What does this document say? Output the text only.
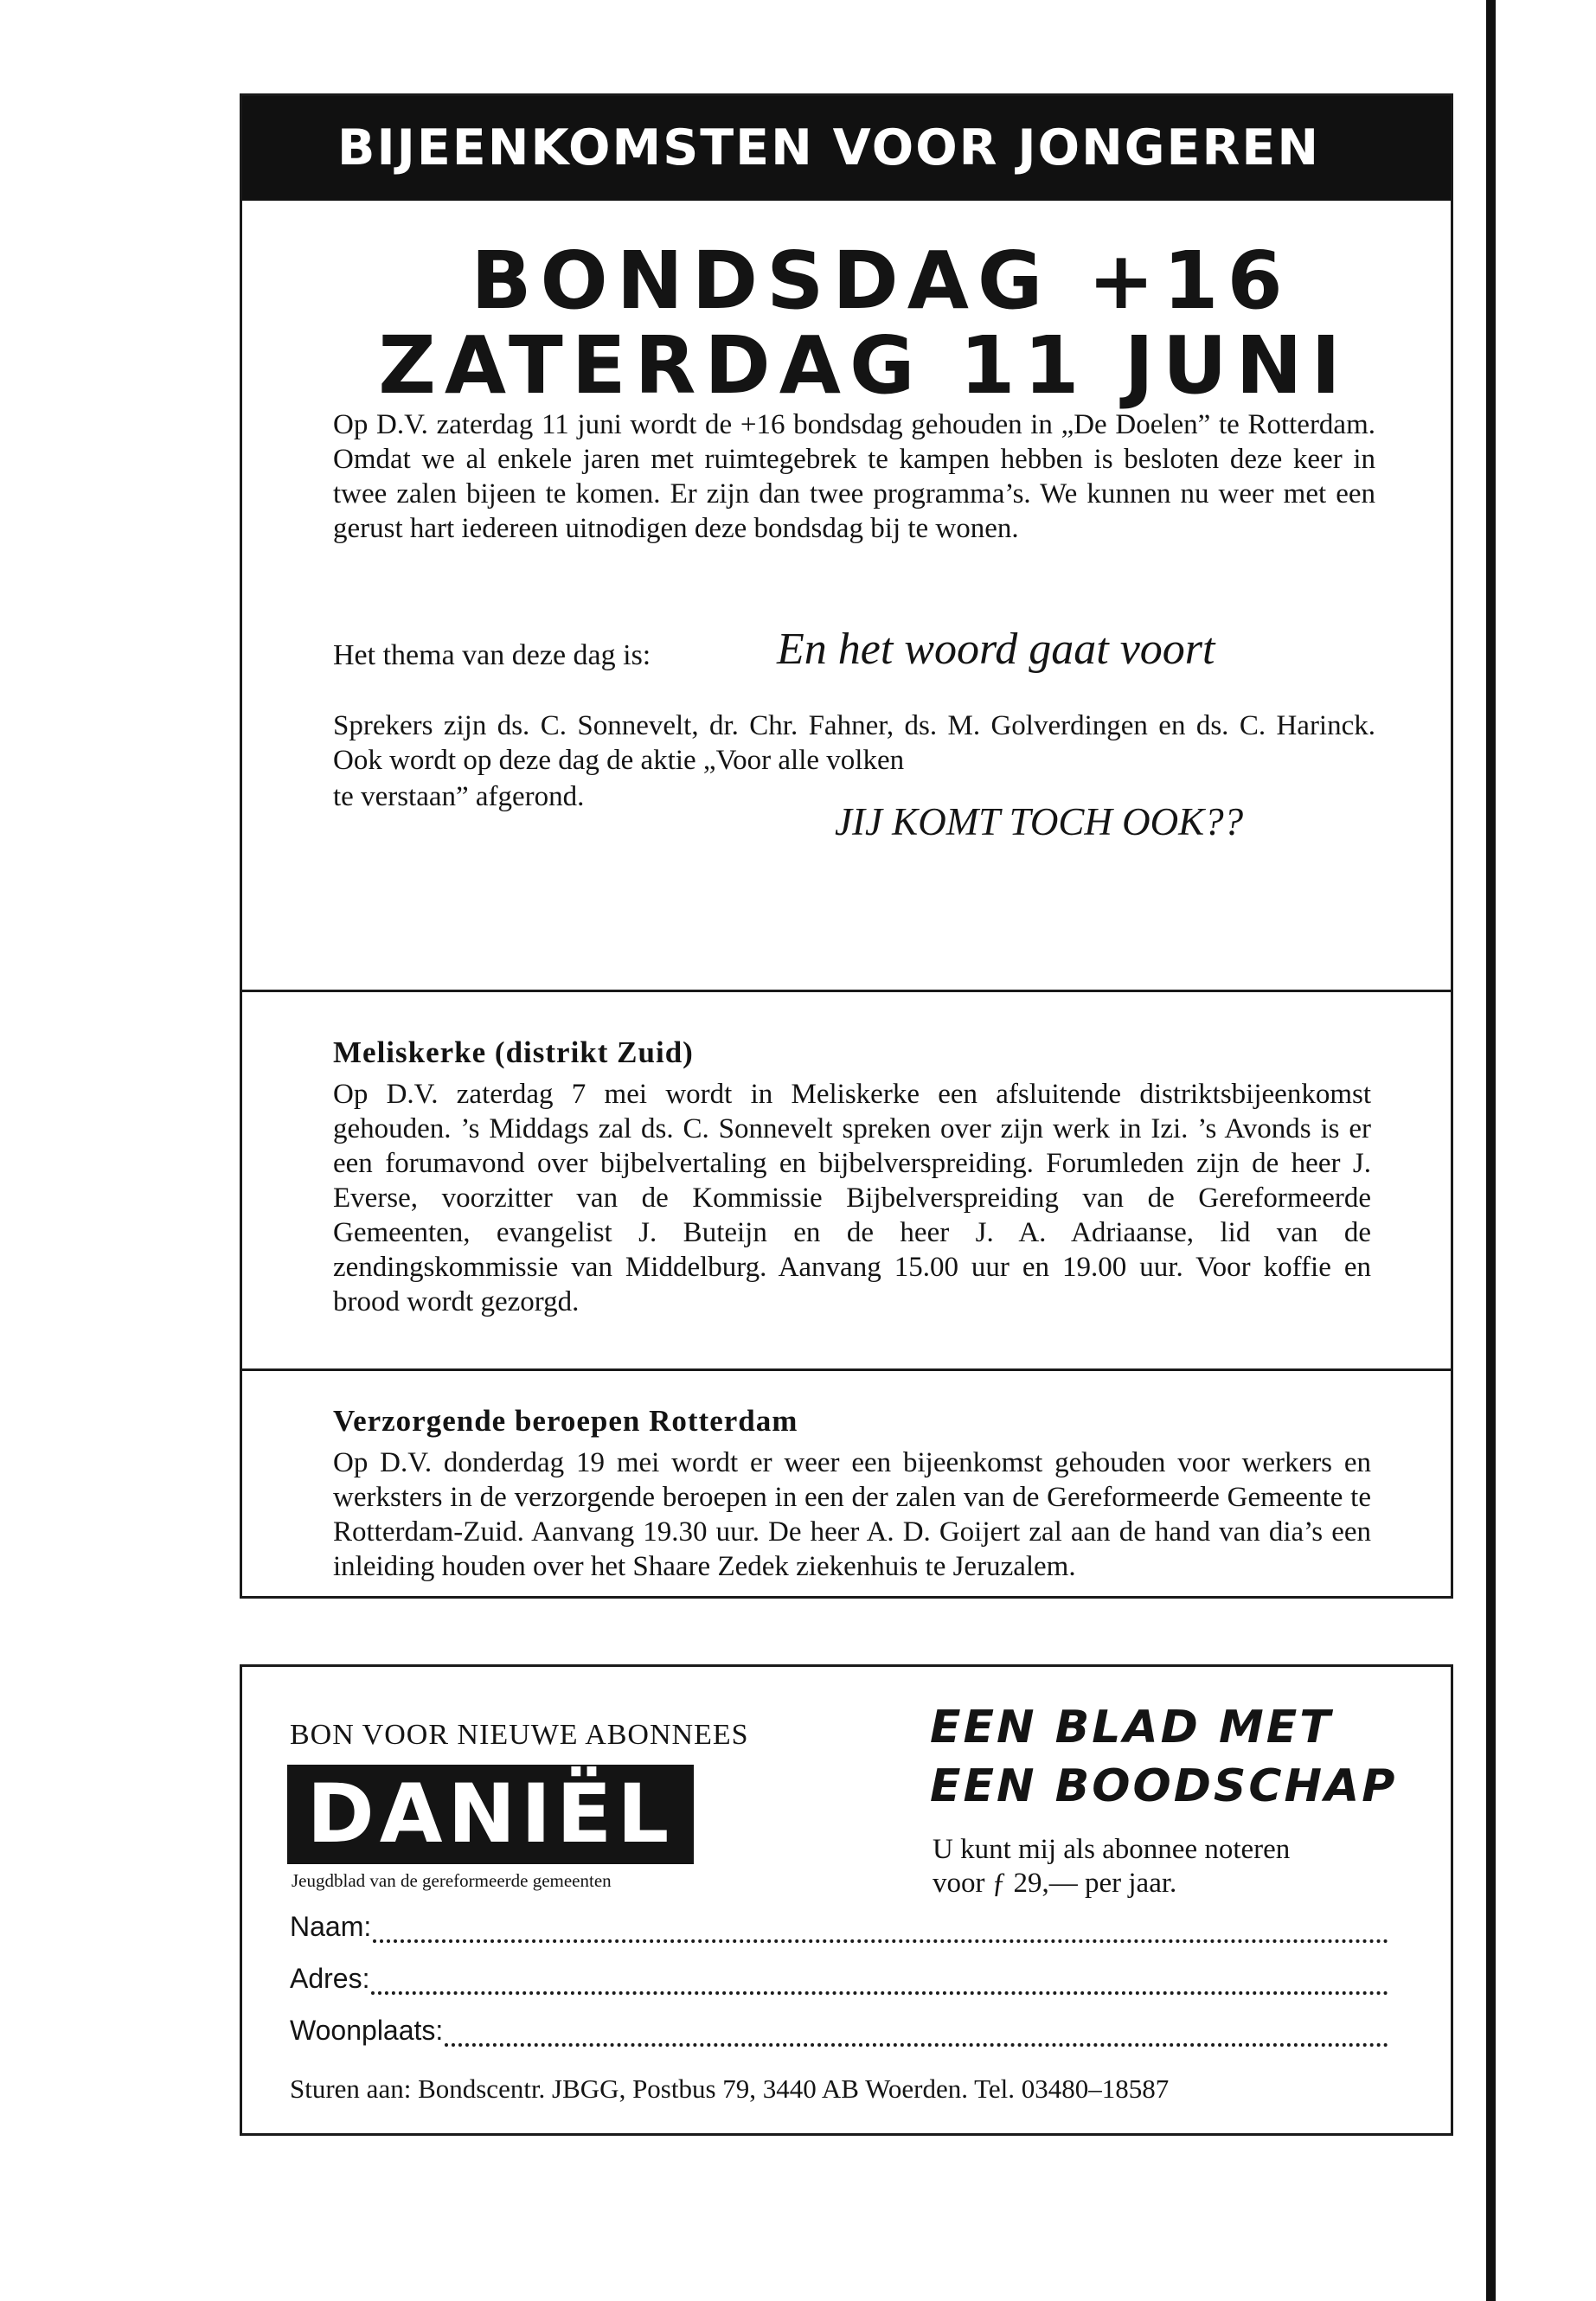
BIJEENKOMSTEN VOOR JONGEREN
Meliskerke (distrikt Zuid)
Op D.V. zaterdag 7 mei wordt in Meliskerke een afsluitende distriktsbijeenkomst gehouden. ’s Middags zal ds. C. Sonnevelt spreken over zijn werk in Izi. ’s Avonds is er een forumavond over bijbelvertaling en bijbelverspreiding. Forumleden zijn de heer J. Everse, voorzitter van de Kommissie Bijbelverspreiding van de Gereformeerde Gemeenten, evangelist J. Buteijn en de heer J. A. Adriaanse, lid van de zendingskommissie van Middelburg. Aanvang 15.00 uur en 19.00 uur. Voor koffie en brood wordt gezorgd.
Verzorgende beroepen Rotterdam
Op D.V. donderdag 19 mei wordt er weer een bijeenkomst gehouden voor werkers en werksters in de verzorgende beroepen in een der zalen van de Gereformeerde Gemeente te Rotterdam-Zuid. Aanvang 19.30 uur. De heer A. D. Goijert zal aan de hand van dia’s een inleiding houden over het Shaare Zedek ziekenhuis te Jeruzalem.
BONDSDAG +16
ZATERDAG 11 JUNI
Op D.V. zaterdag 11 juni wordt de +16 bondsdag gehouden in „De Doelen” te Rotterdam. Omdat we al enkele jaren met ruimtegebrek te kampen hebben is besloten deze keer in twee zalen bijeen te komen. Er zijn dan twee programma’s. We kunnen nu weer met een gerust hart iedereen uitnodigen deze bondsdag bij te wonen.
Het thema van deze dag is:	En het woord gaat voort
Sprekers zijn ds. C. Sonnevelt, dr. Chr. Fahner, ds. M. Golverdingen en ds. C. Harinck. Ook wordt op deze dag de aktie „Voor alle volken
te verstaan” afgerond.
JIJ KOMT TOCH OOK??
BON VOOR NIEUWE ABONNEES
DANIËL
Jeugdblad van de gereformeerde gemeenten
EEN BLAD MET
EEN BOODSCHAP
U kunt mij als abonnee noteren
voor ƒ 29,— per jaar.
Naam:
Adres:
Woonplaats:
Sturen aan: Bondscentr. JBGG, Postbus 79, 3440 AB Woerden. Tel. 03480–18587
